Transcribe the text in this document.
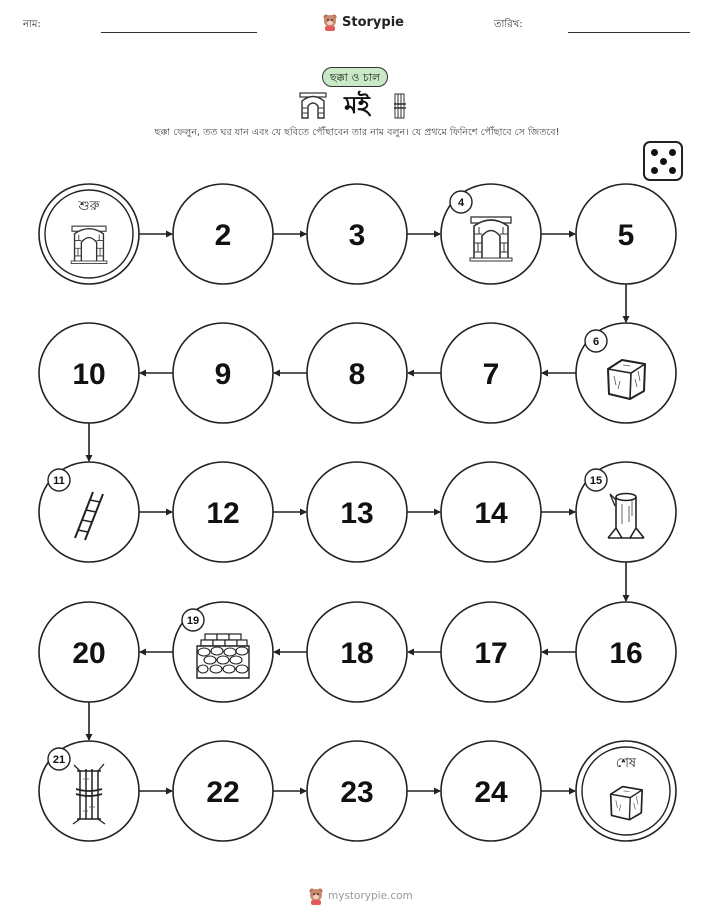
নাম:	Storypie	তারিখ:
ছক্কা ও চাল
মই
ছক্কা ফেলুন, তত ঘর যান এবং যে ছবিতে পৌঁছাবেন তার নাম বলুন। যে প্রথমে ফিনিশে পৌঁছাবে সে জিতবে!
শুরু
2	3
4
5
6
7
8
9
10
11
12	13	14
15
16
17
18
19
20
21
22	23	24
শেষ
mystorypie.com
